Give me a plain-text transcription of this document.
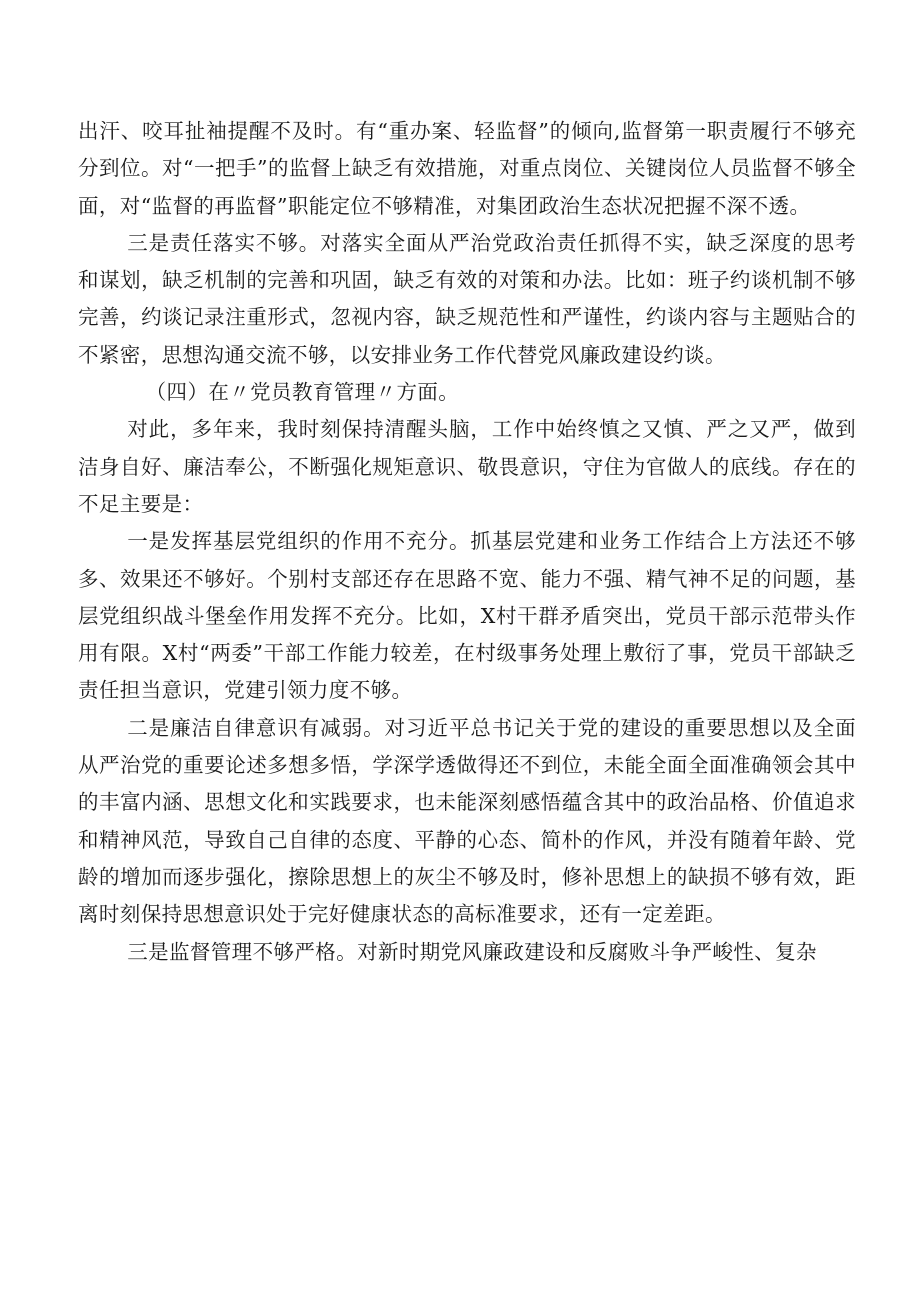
出汗、咬耳扯袖提醒不及时。有“重办案、轻监督”的倾向,监督第一职责履行不够充分到位。对“一把手”的监督上缺乏有效措施，对重点岗位、关键岗位人员监督不够全面，对“监督的再监督”职能定位不够精准，对集团政治生态状况把握不深不透。

三是责任落实不够。对落实全面从严治党政治责任抓得不实，缺乏深度的思考和谋划，缺乏机制的完善和巩固，缺乏有效的对策和办法。比如：班子约谈机制不够完善，约谈记录注重形式，忽视内容，缺乏规范性和严谨性，约谈内容与主题贴合的不紧密，思想沟通交流不够，以安排业务工作代替党风廉政建设约谈。

（四）在〃党员教育管理〃方面。

对此，多年来，我时刻保持清醒头脑，工作中始终慎之又慎、严之又严，做到洁身自好、廉洁奉公，不断强化规矩意识、敬畏意识，守住为官做人的底线。存在的不足主要是：

一是发挥基层党组织的作用不充分。抓基层党建和业务工作结合上方法还不够多、效果还不够好。个别村支部还存在思路不宽、能力不强、精气神不足的问题，基层党组织战斗堡垒作用发挥不充分。比如，X村干群矛盾突出，党员干部示范带头作用有限。X村“两委”干部工作能力较差，在村级事务处理上敷衍了事，党员干部缺乏责任担当意识，党建引领力度不够。

二是廉洁自律意识有减弱。对习近平总书记关于党的建设的重要思想以及全面从严治党的重要论述多想多悟，学深学透做得还不到位，未能全面全面准确领会其中的丰富内涵、思想文化和实践要求，也未能深刻感悟蕴含其中的政治品格、价值追求和精神风范，导致自己自律的态度、平静的心态、简朴的作风，并没有随着年龄、党龄的增加而逐步强化，擦除思想上的灰尘不够及时，修补思想上的缺损不够有效，距离时刻保持思想意识处于完好健康状态的高标准要求，还有一定差距。

三是监督管理不够严格。对新时期党风廉政建设和反腐败斗争严峻性、复杂
